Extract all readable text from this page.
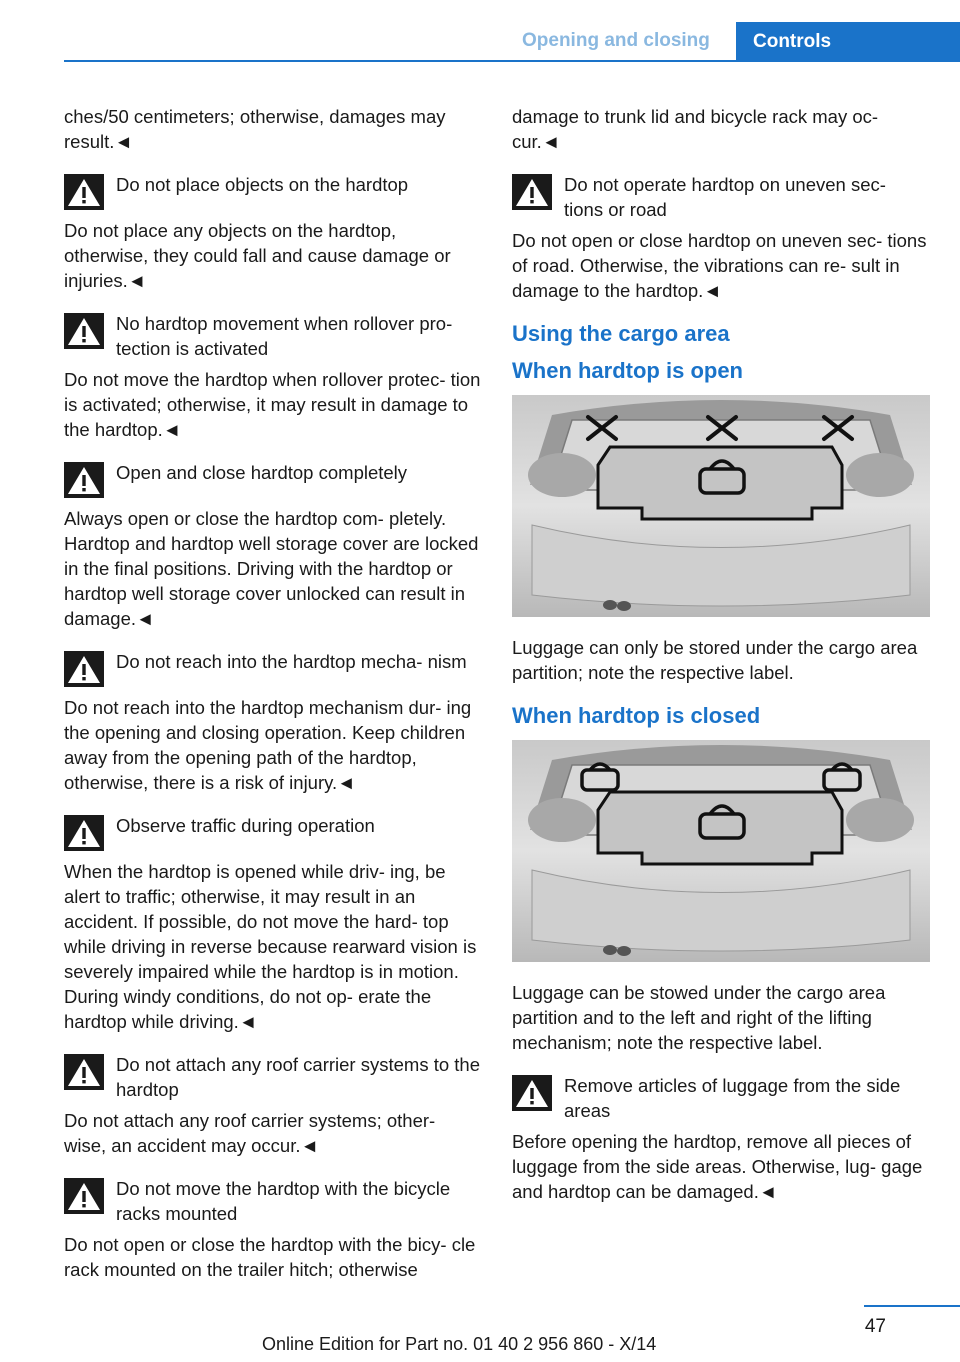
Opening and closing	Controls

ches/50 centimeters; otherwise, damages may result.◄

Do not place objects on the hardtop
Do not place any objects on the hardtop, otherwise, they could fall and cause damage or injuries.◄
No hardtop movement when rollover pro‐ tection is activated
Do not move the hardtop when rollover protec‐ tion is activated; otherwise, it may result in damage to the hardtop.◄
Open and close hardtop completely
Always open or close the hardtop com‐ pletely. Hardtop and hardtop well storage cover are locked in the final positions. Driving with the hardtop or hardtop well storage cover unlocked can result in damage.◄
Do not reach into the hardtop mecha‐ nism
Do not reach into the hardtop mechanism dur‐ ing the opening and closing operation. Keep children away from the opening path of the hardtop, otherwise, there is a risk of injury.◄
Observe traffic during operation
When the hardtop is opened while driv‐ ing, be alert to traffic; otherwise, it may result in an accident. If possible, do not move the hard‐ top while driving in reverse because rearward vision is severely impaired while the hardtop is in motion. During windy conditions, do not op‐ erate the hardtop while driving.◄
Do not attach any roof carrier systems to the hardtop
Do not attach any roof carrier systems; other‐ wise, an accident may occur.◄
Do not move the hardtop with the bicycle racks mounted
Do not open or close the hardtop with the bicy‐ cle rack mounted on the trailer hitch; otherwise

damage to trunk lid and bicycle rack may oc‐ cur.◄

Do not operate hardtop on uneven sec‐ tions or road
Do not open or close hardtop on uneven sec‐ tions of road. Otherwise, the vibrations can re‐ sult in damage to the hardtop.◄
Using the cargo area
When hardtop is open

Luggage can only be stored under the cargo area partition; note the respective label.

When hardtop is closed

Luggage can be stowed under the cargo area partition and to the left and right of the lifting mechanism; note the respective label.

Remove articles of luggage from the side areas
Before opening the hardtop, remove all pieces of luggage from the side areas. Otherwise, lug‐ gage and hardtop can be damaged.◄
47
Online Edition for Part no. 01 40 2 956 860 - X/14
